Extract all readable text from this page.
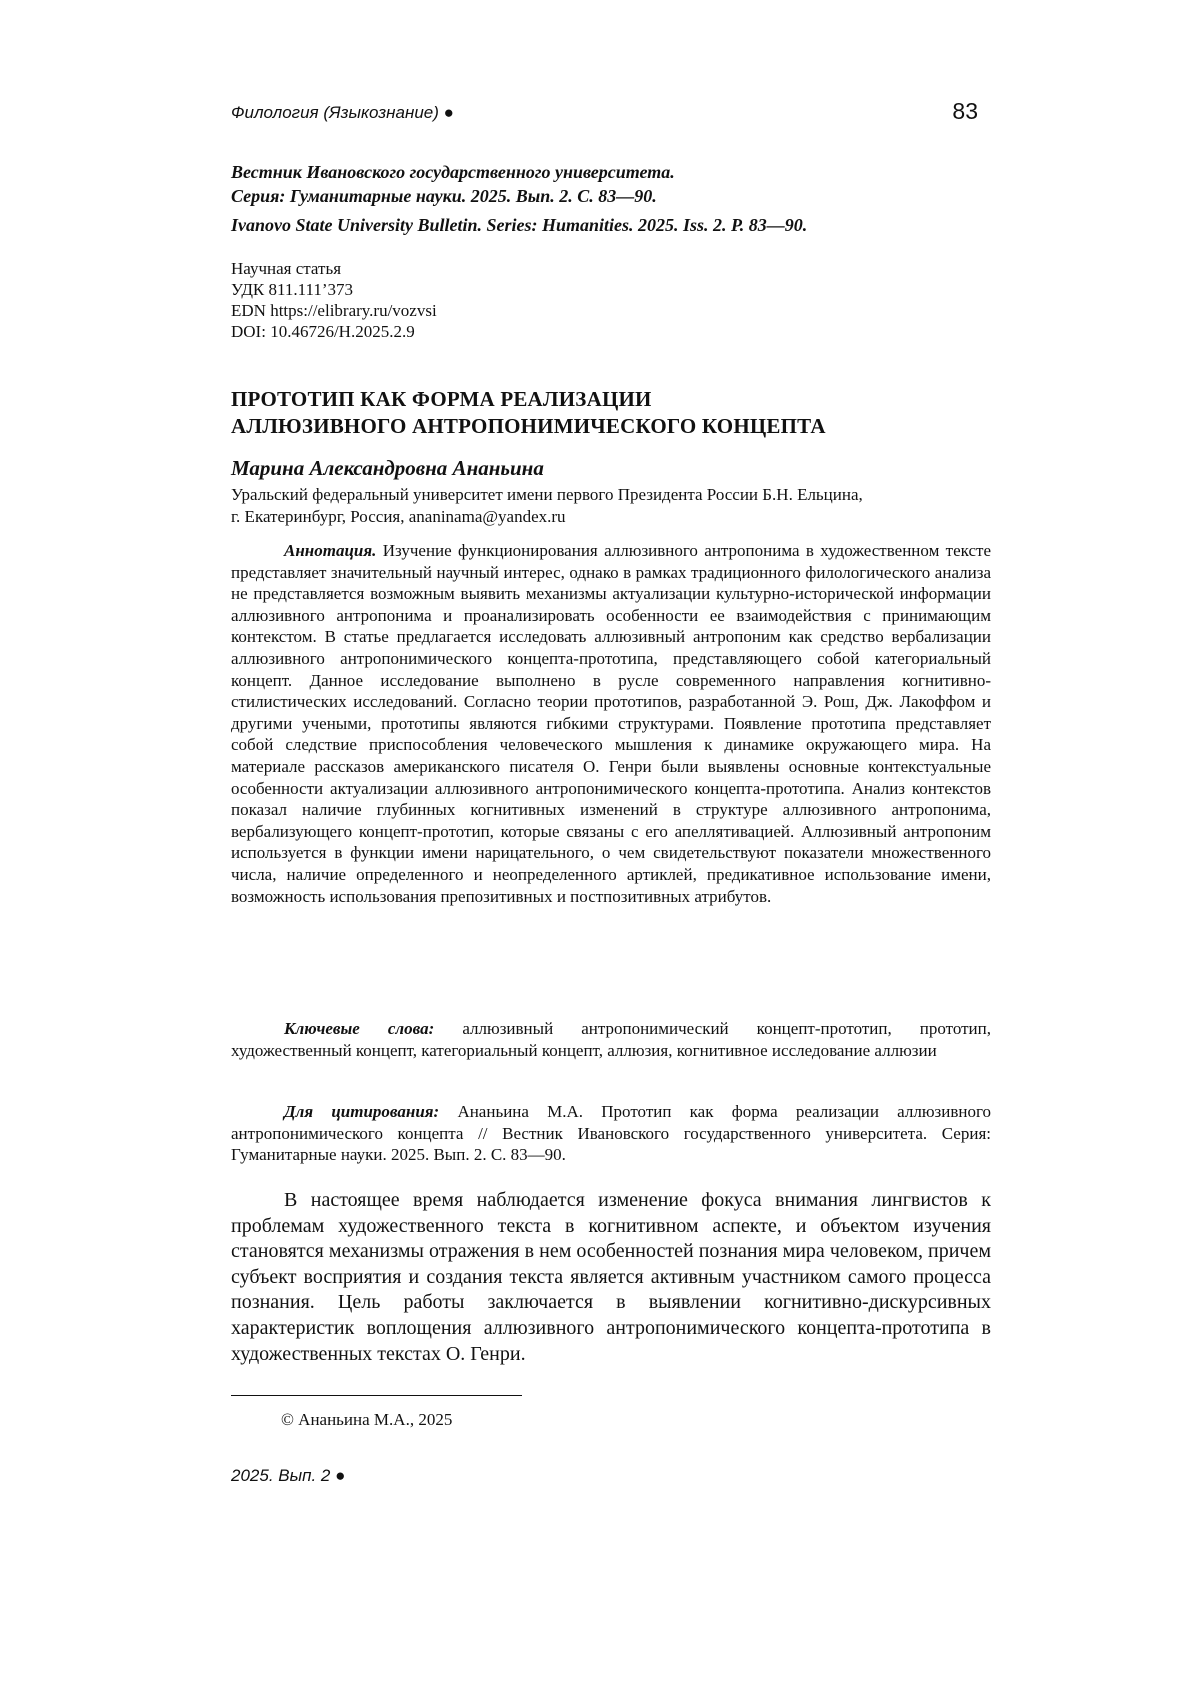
Филология (Языкознание) ●	83
Вестник Ивановского государственного университета.
Серия: Гуманитарные науки. 2025. Вып. 2. С. 83—90.
Ivanovo State University Bulletin. Series: Humanities. 2025. Iss. 2. P. 83—90.
Научная статья
УДК 811.111’373
EDN https://elibrary.ru/vozvsi
DOI: 10.46726/H.2025.2.9
ПРОТОТИП КАК ФОРМА РЕАЛИЗАЦИИ
АЛЛЮЗИВНОГО АНТРОПОНИМИЧЕСКОГО КОНЦЕПТА
Марина Александровна Ананьина
Уральский федеральный университет имени первого Президента России Б.Н. Ельцина,
г. Екатеринбург, Россия, ananinama@yandex.ru

Аннотация. Изучение функционирования аллюзивного антропонима в художественном тексте представляет значительный научный интерес, однако в рамках традиционного филологического анализа не представляется возможным выявить механизмы актуализации культурно-исторической информации аллюзивного антропонима и проанализировать особенности ее взаимодействия с принимающим контекстом. В статье предлагается исследовать аллюзивный антропоним как средство вербализации аллюзивного антропонимического концепта-прототипа, представляющего собой категориальный концепт. Данное исследование выполнено в русле современного направления когнитивно-стилистических исследований. Согласно теории прототипов, разработанной Э. Рош, Дж. Лакоффом и другими учеными, прототипы являются гибкими структурами. Появление прототипа представляет собой следствие приспособления человеческого мышления к динамике окружающего мира. На материале рассказов американского писателя О. Генри были выявлены основные контекстуальные особенности актуализации аллюзивного антропонимического концепта-прототипа. Анализ контекстов показал наличие глубинных когнитивных изменений в структуре аллюзивного антропонима, вербализующего концепт-прототип, которые связаны с его апеллятивацией. Аллюзивный антропоним используется в функции имени нарицательного, о чем свидетельствуют показатели множественного числа, наличие определенного и неопределенного артиклей, предикативное использование имени, возможность использования препозитивных и постпозитивных атрибутов.

Ключевые слова: аллюзивный антропонимический концепт-прототип, прототип, художественный концепт, категориальный концепт, аллюзия, когнитивное исследование аллюзии

Для цитирования: Ананьина М.А. Прототип как форма реализации аллюзивного антропонимического концепта // Вестник Ивановского государственного университета. Серия: Гуманитарные науки. 2025. Вып. 2. С. 83—90.

В настоящее время наблюдается изменение фокуса внимания лингвистов к проблемам художественного текста в когнитивном аспекте, и объектом изучения становятся механизмы отражения в нем особенностей познания мира человеком, причем субъект восприятия и создания текста является активным участником самого процесса познания. Цель работы заключается в выявлении когнитивно-дискурсивных характеристик воплощения аллюзивного антропонимического концепта-прототипа в художественных текстах О. Генри.

© Ананьина М.А., 2025
2025. Вып. 2 ●
